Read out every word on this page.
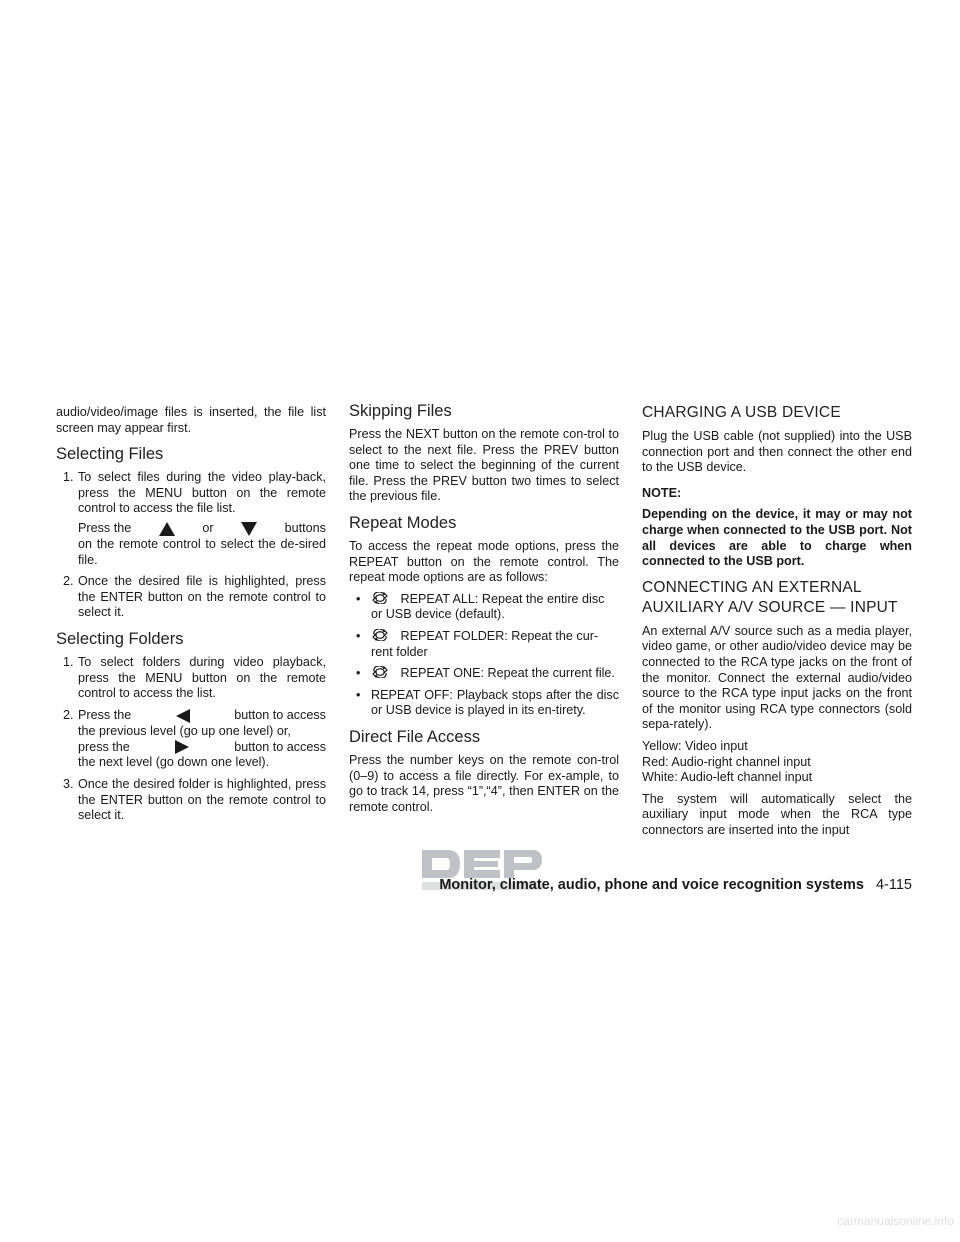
audio/video/image files is inserted, the file list screen may appear first.

Selecting Files
1. To select files during the video play-back, press the MENU button on the remote control to access the file list.
Press the	or	buttons

on the remote control to select the de-sired file.

2. Once the desired file is highlighted, press the ENTER button on the remote control to select it.
Selecting Folders
1. To select folders during video playback, press the MENU button on the remote control to access the list.
2. Press the	button to access
the previous level (go up one level) or,
press the	button to access
the next level (go down one level).
3. Once the desired folder is highlighted, press the ENTER button on the remote control to select it.
Skipping Files

Press the NEXT button on the remote con-trol to select to the next file. Press the PREV button one time to select the beginning of the current file. Press the PREV button two times to select the previous file.

Repeat Modes

To access the repeat mode options, press the REPEAT button on the remote control. The repeat mode options are as follows:

•	REPEAT ALL: Repeat the entire disc or USB device (default).
•	REPEAT FOLDER: Repeat the cur-rent folder
•	REPEAT ONE: Repeat the current file.
• REPEAT OFF: Playback stops after the disc or USB device is played in its en-tirety.
Direct File Access

Press the number keys on the remote con-trol (0–9) to access a file directly. For ex-ample, to go to track 14, press “1”,“4”, then ENTER on the remote control.

CHARGING A USB DEVICE

Plug the USB cable (not supplied) into the USB connection port and then connect the other end to the USB device.

NOTE:

Depending on the device, it may or may not charge when connected to the USB port. Not all devices are able to charge when connected to the USB port.

CONNECTING AN EXTERNAL
AUXILIARY A/V SOURCE — INPUT

An external A/V source such as a media player, video game, or other audio/video device may be connected to the RCA type jacks on the front of the monitor. Connect the external audio/video source to the RCA type input jacks on the front of the monitor using RCA type connectors (sold sepa-rately).

Yellow: Video input
Red: Audio-right channel input
White: Audio-left channel input

The system will automatically select the auxiliary input mode when the RCA type connectors are inserted into the input

Monitor, climate, audio, phone and voice recognition systems 4-115
carmanualsonline.info
